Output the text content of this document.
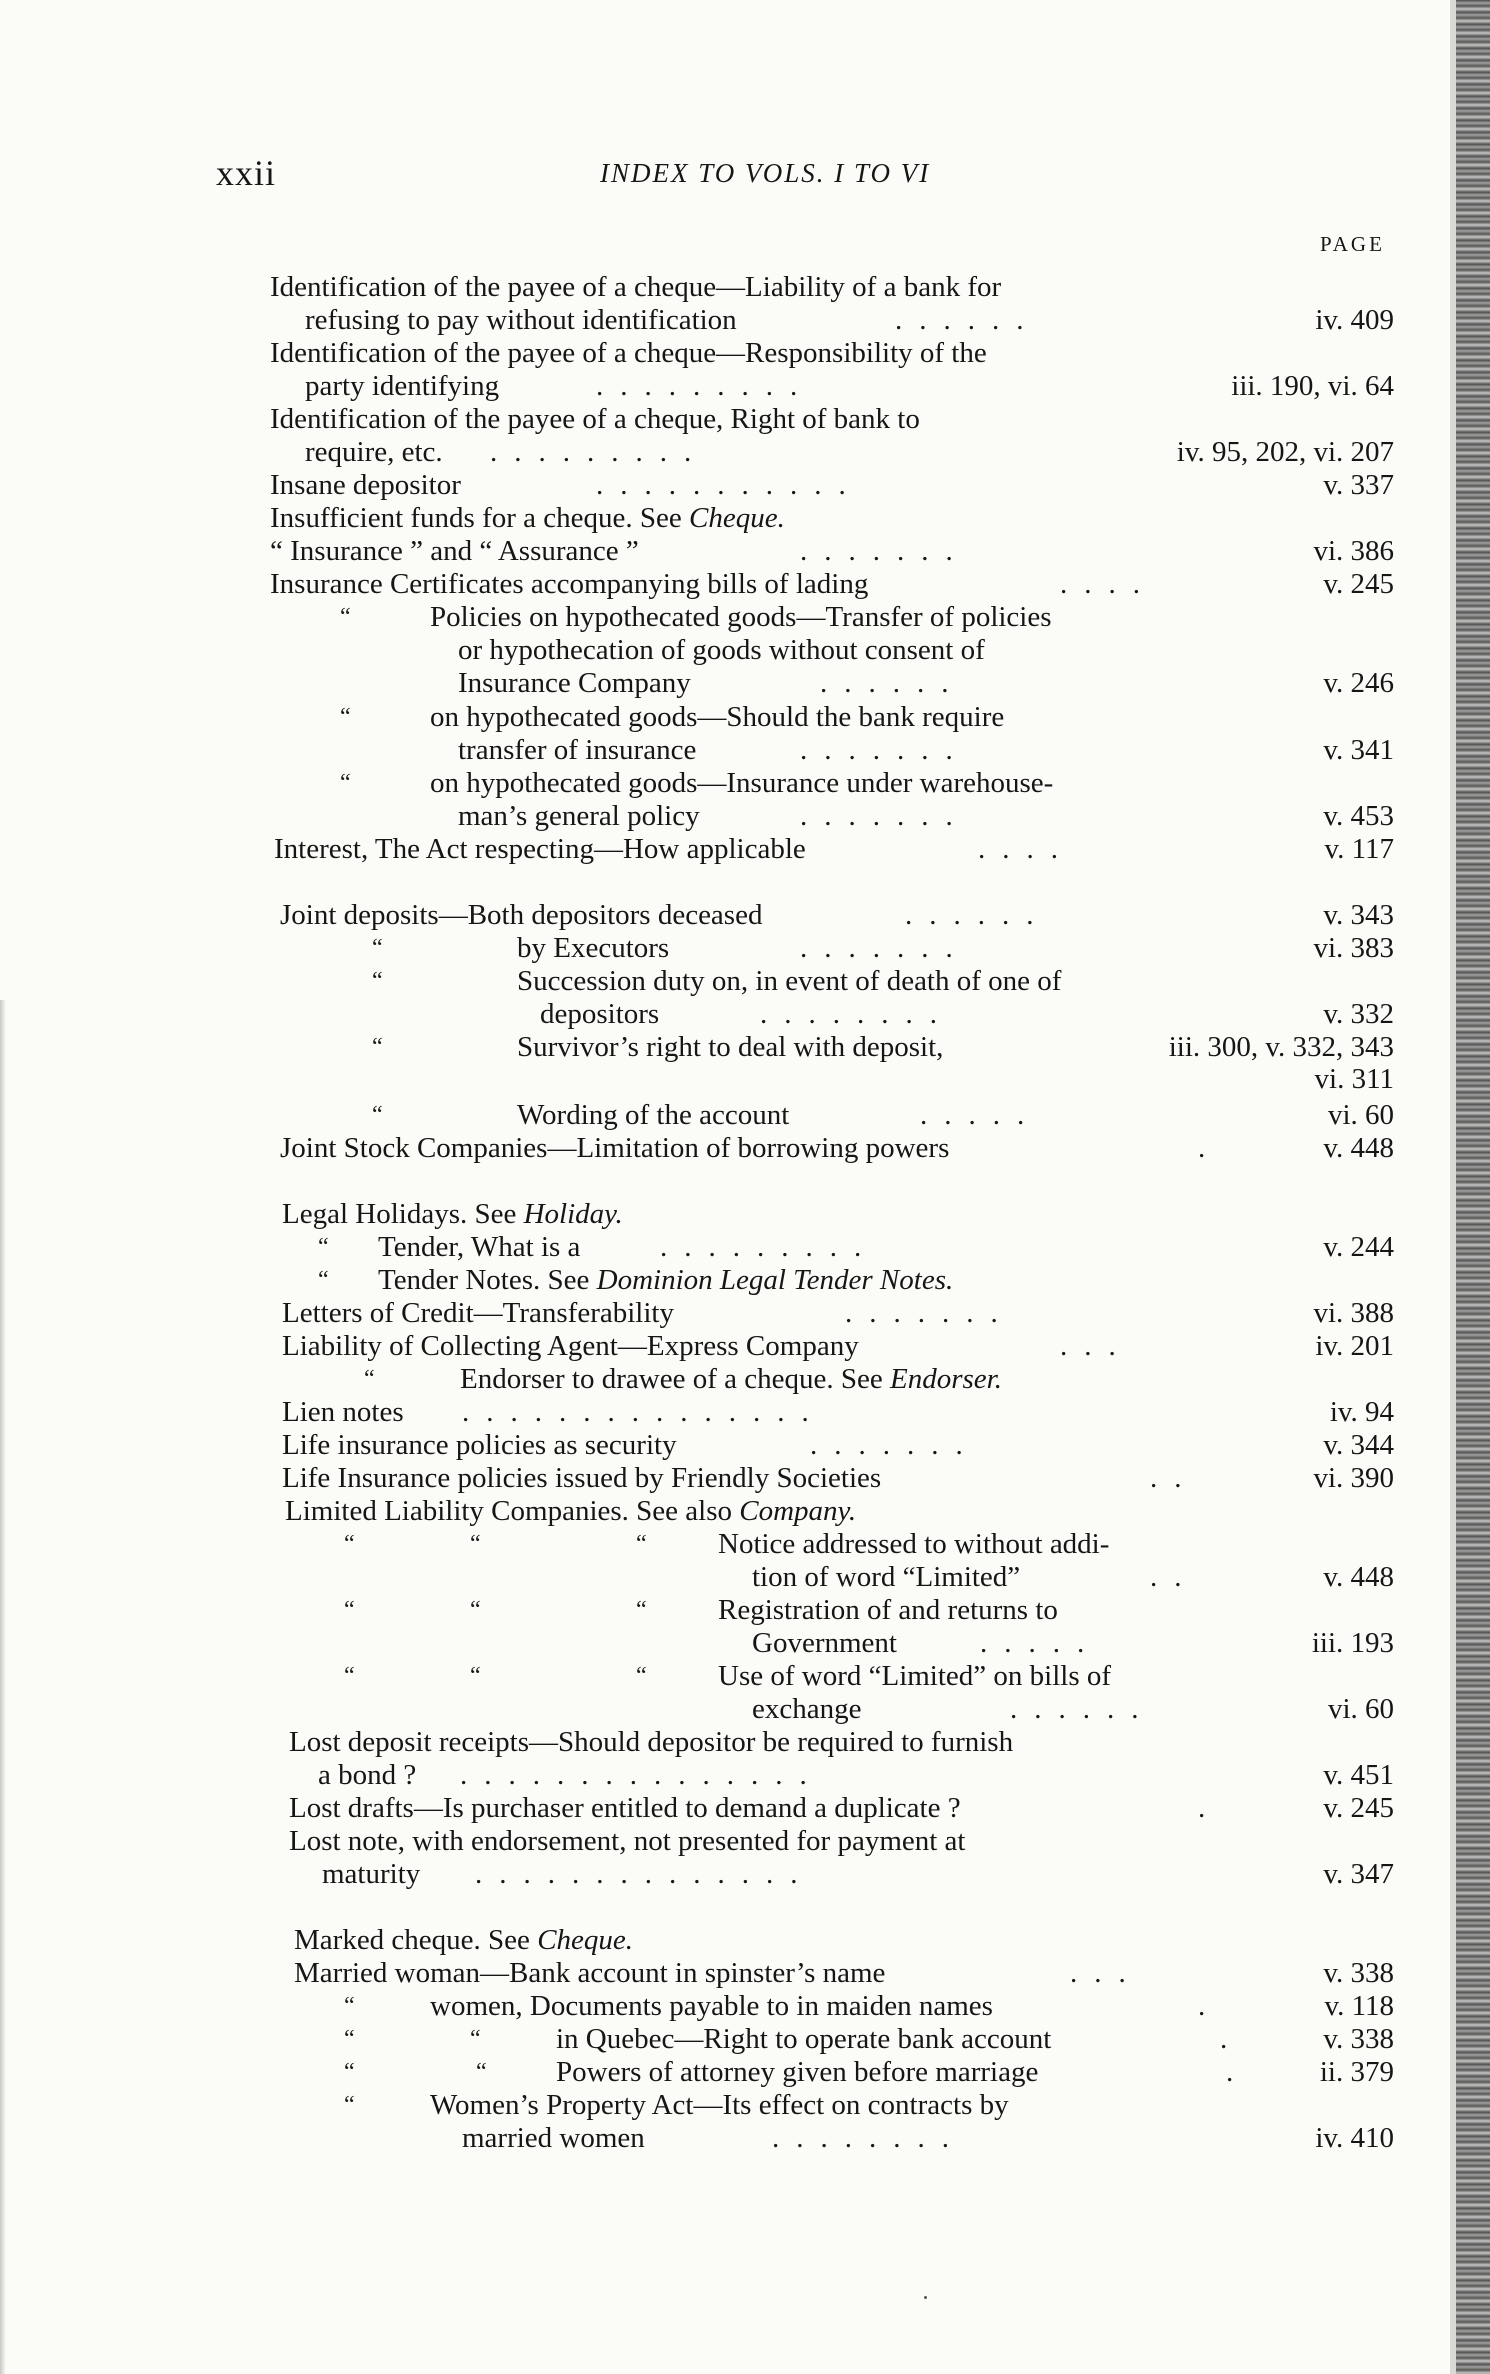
xxii	INDEX TO VOLS. I TO VI
PAGE
Identification of the payee of a cheque—Liability of a bank for
refusing to pay without identification	......	iv. 409
Identification of the payee of a cheque—Responsibility of the
party identifying	.........	iii. 190, vi. 64
Identification of the payee of a cheque, Right of bank to
require, etc. .........	iv. 95, 202, vi. 207
Insane depositor	...........	v. 337
Insufficient funds for a cheque. See Cheque.
“ Insurance ” and “ Assurance ”	.......	vi. 386
Insurance Certificates accompanying bills of lading	....	v. 245
“	Policies on hypothecated goods—Transfer of policies
or hypothecation of goods without consent of
Insurance Company	......	v. 246
“	on hypothecated goods—Should the bank require
transfer of insurance	.......	v. 341
“	on hypothecated goods—Insurance under warehouse-
man’s general policy	.......	v. 453
Interest, The Act respecting—How applicable	....	v. 117
Joint deposits—Both depositors deceased	......	v. 343
“	by Executors	.......	vi. 383
“	Succession duty on, in event of death of one of
depositors	........	v. 332
“	Survivor’s right to deal with deposit,	iii. 300, v. 332, 343
vi. 311
“	Wording of the account	.....	vi. 60
Joint Stock Companies—Limitation of borrowing powers	.	v. 448
Legal Holidays. See Holiday.
“ Tender, What is a	.........	v. 244
“ Tender Notes. See Dominion Legal Tender Notes.
Letters of Credit—Transferability	.......	vi. 388
Liability of Collecting Agent—Express Company	...	iv. 201
“	Endorser to drawee of a cheque. See Endorser.
Lien notes ...............	iv. 94
Life insurance policies as security	.......	v. 344
Life Insurance policies issued by Friendly Societies	..	vi. 390
Limited Liability Companies. See also Company.
“	“	“ Notice addressed to without addi-
tion of word “Limited”	..	v. 448
“	“	“ Registration of and returns to
Government	.....	iii. 193
“	“	“ Use of word “Limited” on bills of
exchange	......	vi. 60
Lost deposit receipts—Should depositor be required to furnish
a bond ? ...............	v. 451
Lost drafts—Is purchaser entitled to demand a duplicate ?	.	v. 245
Lost note, with endorsement, not presented for payment at
maturity ..............	v. 347
Marked cheque. See Cheque.
Married woman—Bank account in spinster’s name	...	v. 338
“	women, Documents payable to in maiden names	.	v. 118
“	“	in Quebec—Right to operate bank account	.	v. 338
“	“ Powers of attorney given before marriage	. ii. 379
“	Women’s Property Act—Its effect on contracts by
married women	........	iv. 410
